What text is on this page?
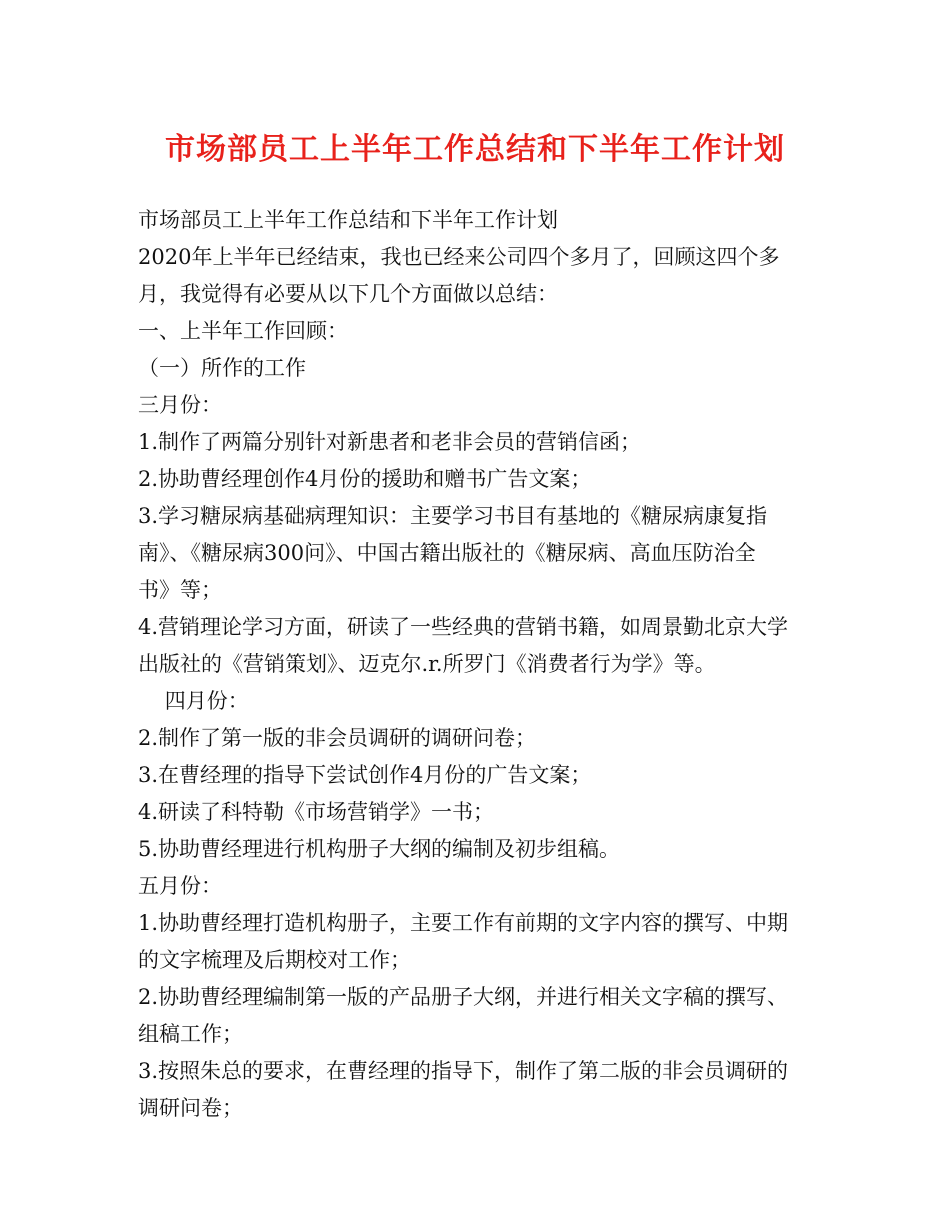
市场部员工上半年工作总结和下半年工作计划

市场部员工上半年工作总结和下半年工作计划

2020年上半年已经结束，我也已经来公司四个多月了，回顾这四个多

月，我觉得有必要从以下几个方面做以总结：

一、上半年工作回顾：

（一）所作的工作

三月份：

1.制作了两篇分别针对新患者和老非会员的营销信函；

2.协助曹经理创作4月份的援助和赠书广告文案；

3.学习糖尿病基础病理知识：主要学习书目有基地的《糖尿病康复指

南》、《糖尿病300问》、中国古籍出版社的《糖尿病、高血压防治全

书》等；

4.营销理论学习方面，研读了一些经典的营销书籍，如周景勤北京大学

出版社的《营销策划》、迈克尔.r.所罗门《消费者行为学》等。

四月份：

2.制作了第一版的非会员调研的调研问卷；

3.在曹经理的指导下尝试创作4月份的广告文案；

4.研读了科特勒《市场营销学》一书；

5.协助曹经理进行机构册子大纲的编制及初步组稿。

五月份：

1.协助曹经理打造机构册子，主要工作有前期的文字内容的撰写、中期

的文字梳理及后期校对工作；

2.协助曹经理编制第一版的产品册子大纲，并进行相关文字稿的撰写、

组稿工作；

3.按照朱总的要求，在曹经理的指导下，制作了第二版的非会员调研的

调研问卷；
